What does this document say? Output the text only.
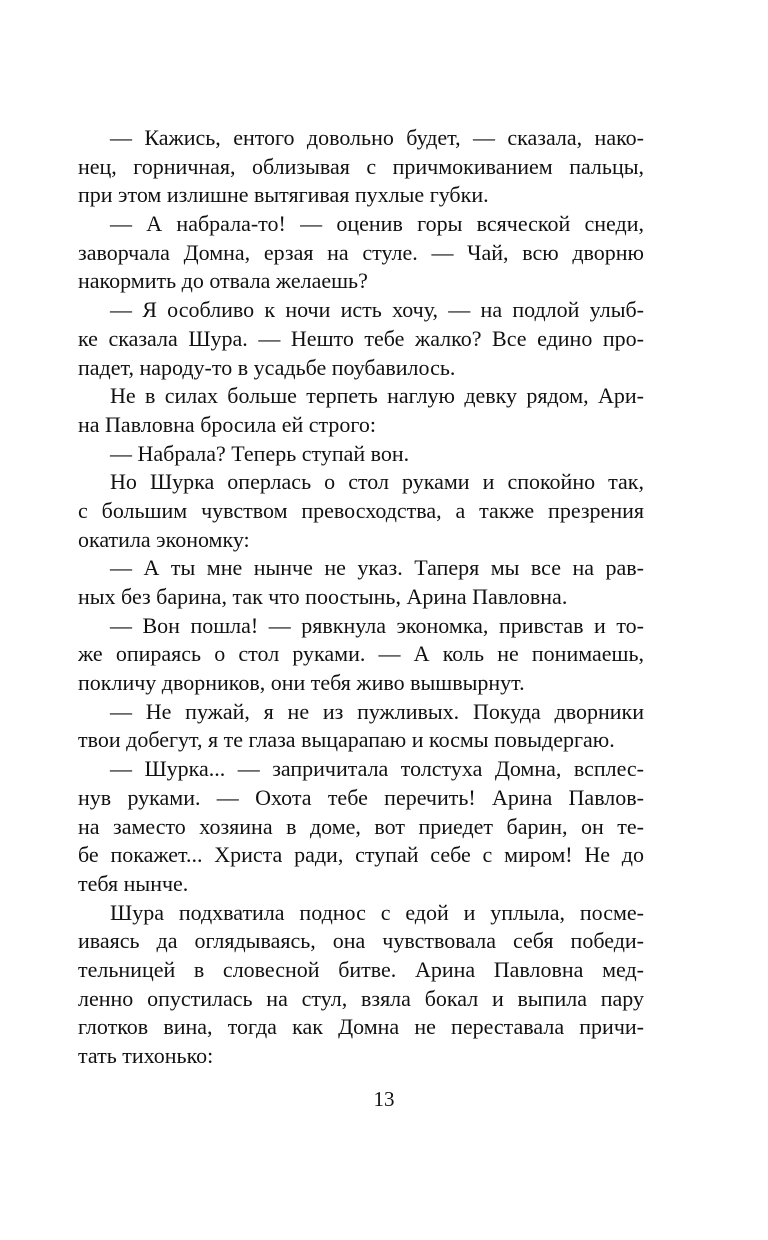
— Кажись, ентого довольно будет, — сказала, нако-
нец, горничная, облизывая с причмокиванием пальцы,
при этом излишне вытягивая пухлые губки.
— А набрала-то! — оценив горы всяческой снеди,
заворчала Домна, ерзая на стуле. — Чай, всю дворню
накормить до отвала желаешь?
— Я особливо к ночи исть хочу, — на подлой улыб-
ке сказала Шура. — Нешто тебе жалко? Все едино про-
падет, народу-то в усадьбе поубавилось.
Не в силах больше терпеть наглую девку рядом, Ари-
на Павловна бросила ей строго:
— Набрала? Теперь ступай вон.
Но Шурка оперлась о стол руками и спокойно так,
с большим чувством превосходства, а также презрения
окатила экономку:
— А ты мне нынче не указ. Таперя мы все на рав-
ных без барина, так что поостынь, Арина Павловна.
— Вон пошла! — рявкнула экономка, привстав и то-
же опираясь о стол руками. — А коль не понимаешь,
покличу дворников, они тебя живо вышвырнут.
— Не пужай, я не из пужливых. Покуда дворники
твои добегут, я те глаза выцарапаю и космы повыдергаю.
— Шурка... — запричитала толстуха Домна, всплес-
нув руками. — Охота тебе перечить! Арина Павлов-
на заместо хозяина в доме, вот приедет барин, он те-
бе покажет... Христа ради, ступай себе с миром! Не до
тебя нынче.
Шура подхватила поднос с едой и уплыла, посме-
иваясь да оглядываясь, она чувствовала себя победи-
тельницей в словесной битве. Арина Павловна мед-
ленно опустилась на стул, взяла бокал и выпила пару
глотков вина, тогда как Домна не переставала причи-
тать тихонько:
13
